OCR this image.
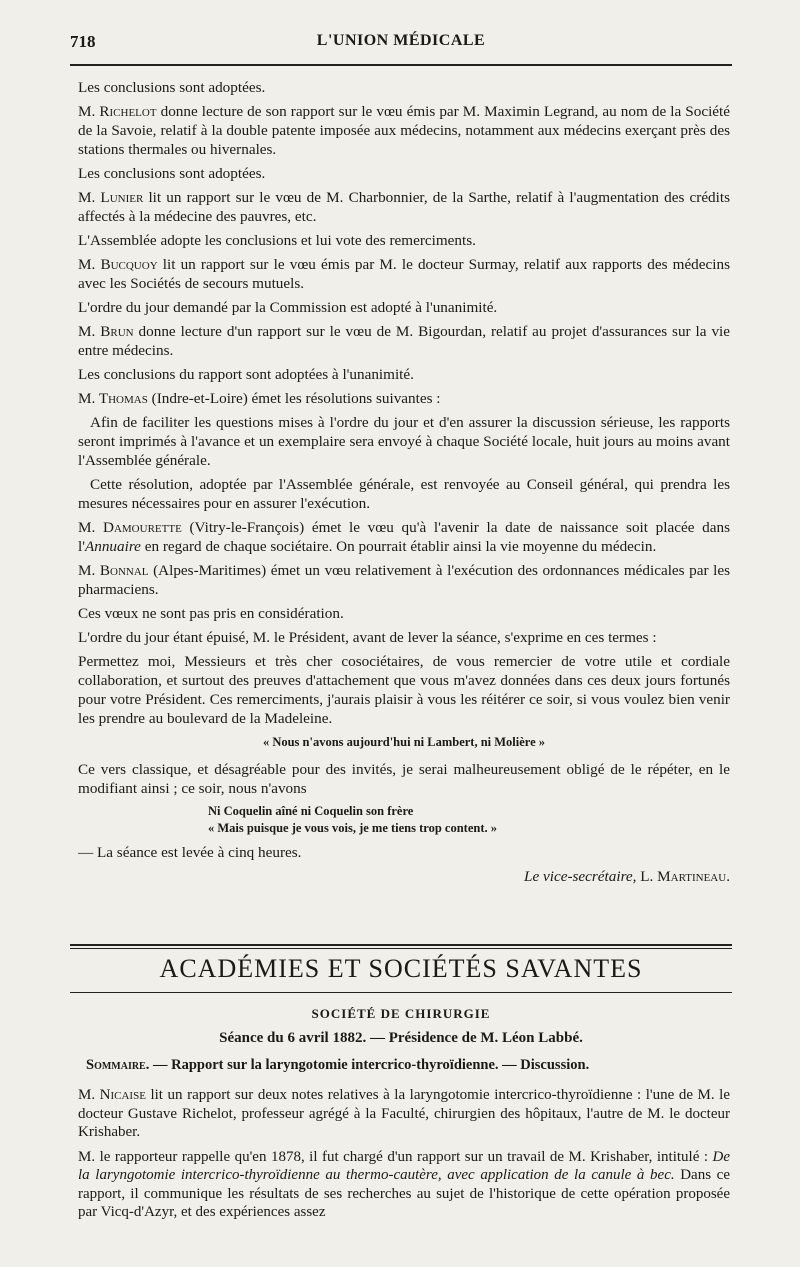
718	L'UNION MÉDICALE

Les conclusions sont adoptées.

M. Richelot donne lecture de son rapport sur le vœu émis par M. Maximin Legrand, au nom de la Société de la Savoie, relatif à la double patente imposée aux médecins, notamment aux médecins exerçant près des stations thermales ou hivernales.

Les conclusions sont adoptées.

M. Lunier lit un rapport sur le vœu de M. Charbonnier, de la Sarthe, relatif à l'augmentation des crédits affectés à la médecine des pauvres, etc.

L'Assemblée adopte les conclusions et lui vote des remerciments.

M. Bucquoy lit un rapport sur le vœu émis par M. le docteur Surmay, relatif aux rapports des médecins avec les Sociétés de secours mutuels.

L'ordre du jour demandé par la Commission est adopté à l'unanimité.

M. Brun donne lecture d'un rapport sur le vœu de M. Bigourdan, relatif au projet d'assurances sur la vie entre médecins.

Les conclusions du rapport sont adoptées à l'unanimité.

M. Thomas (Indre-et-Loire) émet les résolutions suivantes :

Afin de faciliter les questions mises à l'ordre du jour et d'en assurer la discussion sérieuse, les rapports seront imprimés à l'avance et un exemplaire sera envoyé à chaque Société locale, huit jours au moins avant l'Assemblée générale.

Cette résolution, adoptée par l'Assemblée générale, est renvoyée au Conseil général, qui prendra les mesures nécessaires pour en assurer l'exécution.

M. Damourette (Vitry-le-François) émet le vœu qu'à l'avenir la date de naissance soit placée dans l'Annuaire en regard de chaque sociétaire. On pourrait établir ainsi la vie moyenne du médecin.

M. Bonnal (Alpes-Maritimes) émet un vœu relativement à l'exécution des ordonnances médicales par les pharmaciens.

Ces vœux ne sont pas pris en considération.

L'ordre du jour étant épuisé, M. le Président, avant de lever la séance, s'exprime en ces termes :

Permettez moi, Messieurs et très cher cosociétaires, de vous remercier de votre utile et cordiale collaboration, et surtout des preuves d'attachement que vous m'avez données dans ces deux jours fortunés pour votre Président. Ces remerciments, j'aurais plaisir à vous les réitérer ce soir, si vous voulez bien venir les prendre au boulevard de la Madeleine.

« Nous n'avons aujourd'hui ni Lambert, ni Molière »

Ce vers classique, et désagréable pour des invités, je serai malheureusement obligé de le répéter, en le modifiant ainsi ; ce soir, nous n'avons

Ni Coquelin aîné ni Coquelin son frère

« Mais puisque je vous vois, je me tiens trop content. »

— La séance est levée à cinq heures.

Le vice-secrétaire, L. Martineau.

ACADÉMIES ET SOCIÉTÉS SAVANTES
SOCIÉTÉ DE CHIRURGIE
Séance du 6 avril 1882. — Présidence de M. Léon Labbé.
Sommaire. — Rapport sur la laryngotomie intercrico-thyroïdienne. — Discussion.

M. Nicaise lit un rapport sur deux notes relatives à la laryngotomie intercrico-thyroïdienne : l'une de M. le docteur Gustave Richelot, professeur agrégé à la Faculté, chirurgien des hôpitaux, l'autre de M. le docteur Krishaber.

M. le rapporteur rappelle qu'en 1878, il fut chargé d'un rapport sur un travail de M. Krishaber, intitulé : De la laryngotomie intercrico-thyroïdienne au thermo-cautère, avec application de la canule à bec. Dans ce rapport, il communique les résultats de ses recherches au sujet de l'historique de cette opération proposée par Vicq-d'Azyr, et des expériences assez
